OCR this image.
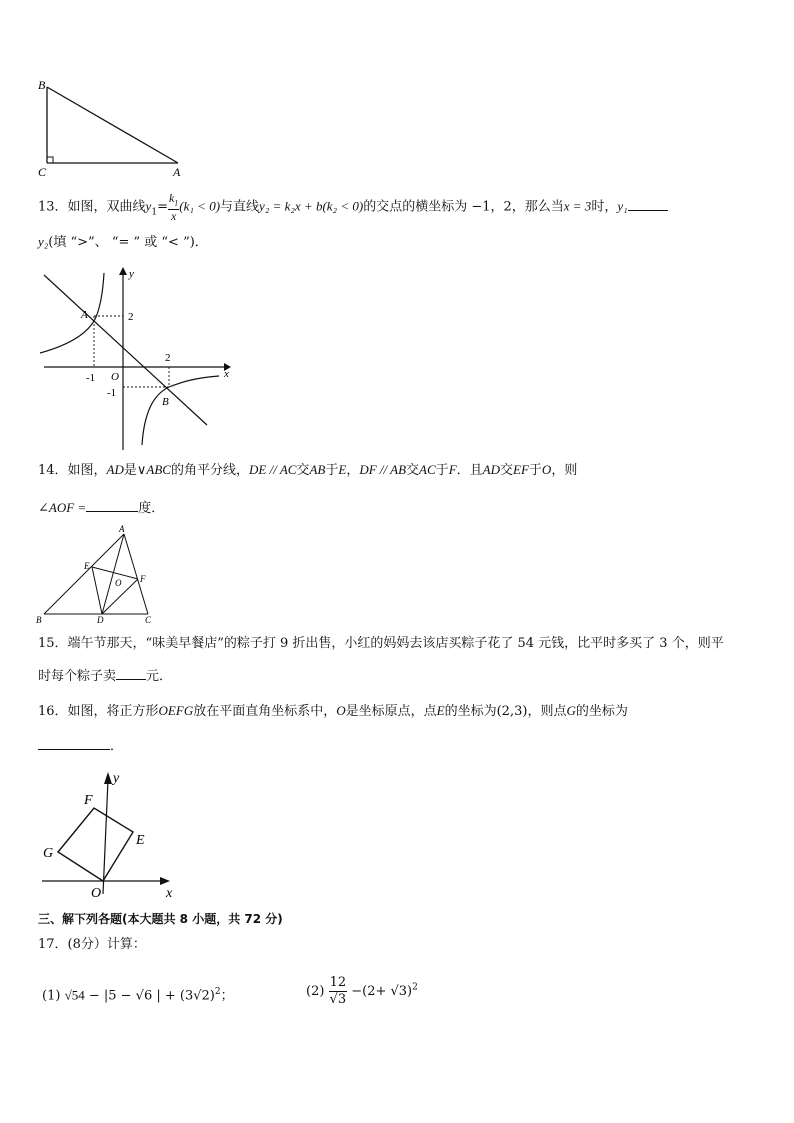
B
C	A
13．如图，双曲线$y_1= \frac{k_1}{x} (k_1 < 0)$与直线y₂ = k₂x + b(k₂ < 0)的交点的横坐标为 −1，2，那么当x = 3时，y₁
y₂(填 “>”、 “= ” 或 “< ”)．
y
x
O
A
B
2
2
-1
-1
14．如图，AD是∨ABC的角平分线，DE // AC交AB于E，DF // AB交AC于F．且AD交EF于O，则
∠AOF =	度．
A
B	C
D
E
F
O
15．端午节那天，“味美早餐店”的粽子打 9 折出售，小红的妈妈去该店买粽子花了 54 元钱，比平时多买了 3 个，则平
时每个粽子卖 元．
16．如图，将正方形OEFG放在平面直角坐标系中，O是坐标原点，点E的坐标为(2,3)，则点G的坐标为
．
y
x
F
G
E
O
三、解下列各题(本大题共 8 小题，共 72 分)
17．(8分）计算：
(1) √54 − |5 − √6 | + $(3√2)^2$；	$(2) \frac{12}{√3} -(2+ √3)^2$
